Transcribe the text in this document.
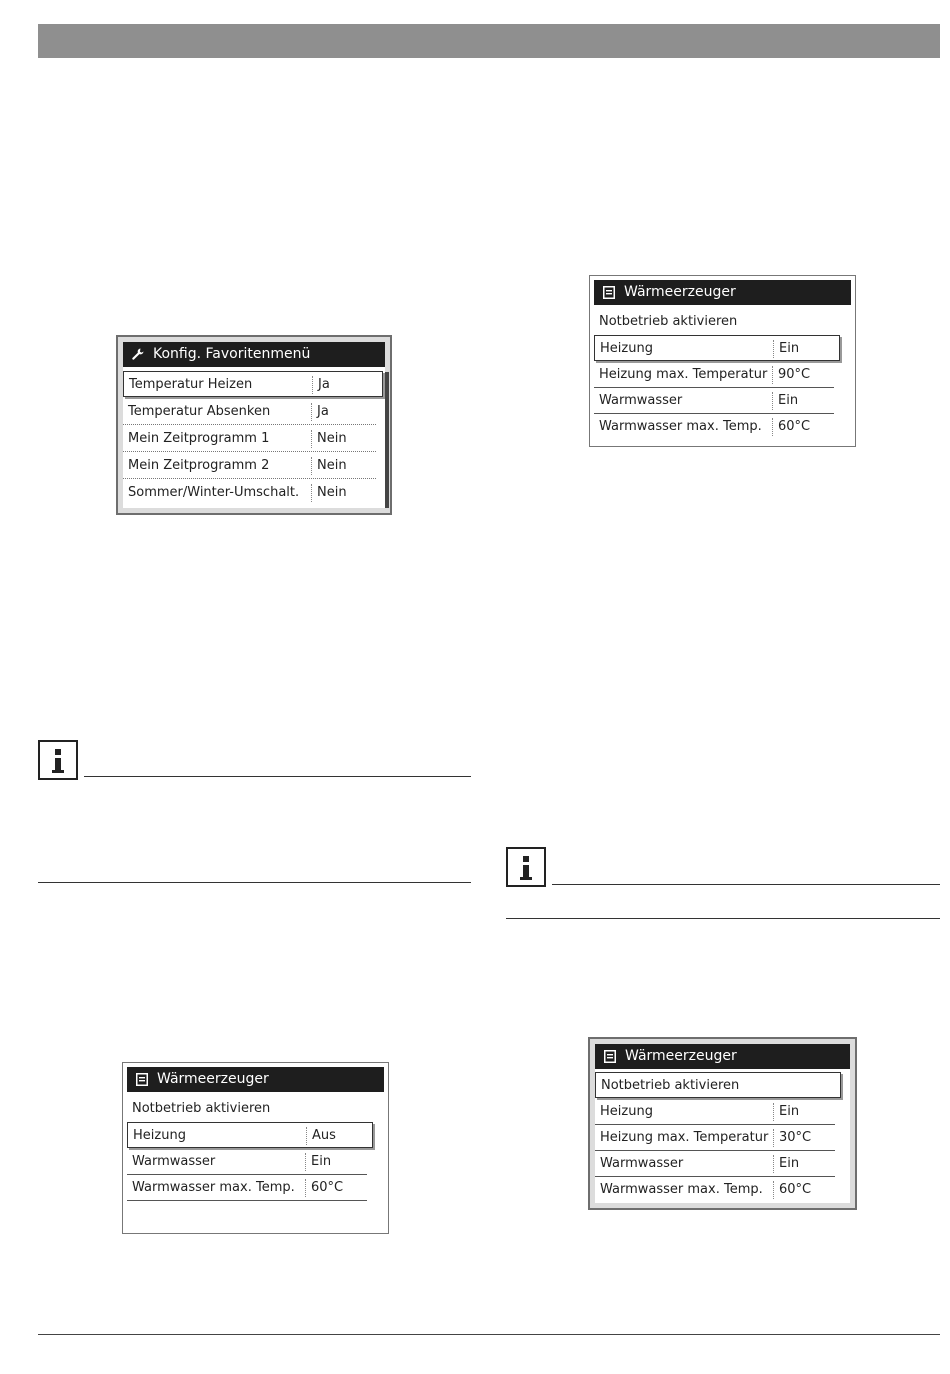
Konfig. Favoritenmenü
Temperatur Heizen	Ja
Temperatur Absenken	Ja
Mein Zeitprogramm 1	Nein
Mein Zeitprogramm 2	Nein
Sommer/Winter-Umschalt.	Nein
Wärmeerzeuger
Notbetrieb aktivieren
Heizung	Ein
Heizung max. Temperatur 90°C
Warmwasser	Ein
Warmwasser max. Temp.	60°C
Wärmeerzeuger
Notbetrieb aktivieren
Heizung	Aus
Warmwasser	Ein
Warmwasser max. Temp.	60°C
Wärmeerzeuger
Notbetrieb aktivieren
Heizung	Ein
Heizung max. Temperatur 30°C
Warmwasser	Ein
Warmwasser max. Temp.	60°C
